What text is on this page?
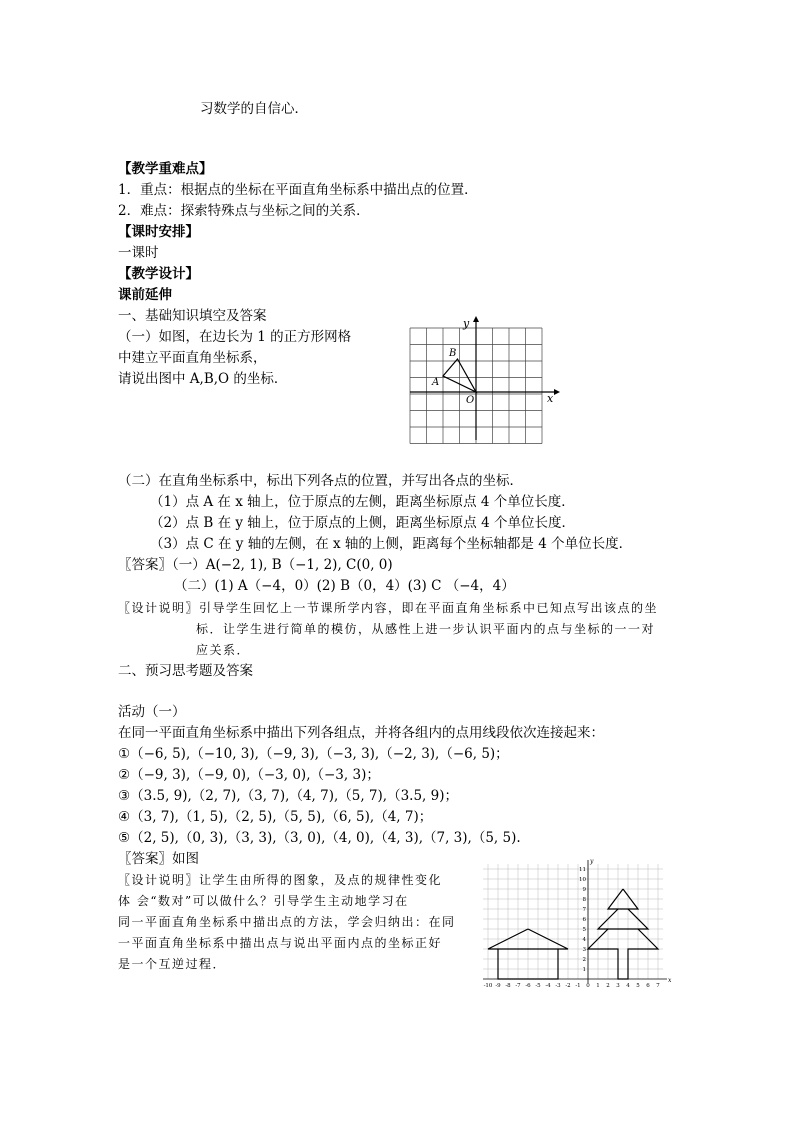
习数学的自信心．
【教学重难点】
1．重点：根据点的坐标在平面直角坐标系中描出点的位置．
2．难点：探索特殊点与坐标之间的关系．
【课时安排】
一课时
【教学设计】
课前延伸
一、基础知识填空及答案
（一）如图，在边长为 1 的正方形网格
中建立平面直角坐标系，
请说出图中 A,B,O 的坐标．
x
y
O
A
B
（二）在直角坐标系中，标出下列各点的位置，并写出各点的坐标．
（1）点 A 在 x 轴上，位于原点的左侧，距离坐标原点 4 个单位长度．
（2）点 B 在 y 轴上，位于原点的上侧，距离坐标原点 4 个单位长度．
（3）点 C 在 y 轴的左侧，在 x 轴的上侧，距离每个坐标轴都是 4 个单位长度．
〖答案〗（一）A(−2, 1), B（−1, 2), C(0, 0)
（二）(1) A（−4，0）(2) B（0，4）(3) C （−4，4）
〖设计说明〗引导学生回忆上一节课所学内容，即在平面直角坐标系中已知点写出该点的坐
标．让学生进行简单的模仿，从感性上进一步认识平面内的点与坐标的一一对
应关系．
二、预习思考题及答案
活动（一）
在同一平面直角坐标系中描出下列各组点，并将各组内的点用线段依次连接起来：
①（−6, 5),（−10, 3),（−9, 3),（−3, 3),（−2, 3),（−6, 5)；
②（−9, 3),（−9, 0),（−3, 0),（−3, 3)；
③（3.5, 9),（2, 7),（3, 7),（4, 7),（5, 7),（3.5, 9)；
④（3, 7),（1, 5),（2, 5),（5, 5),（6, 5),（4, 7)；
⑤（2, 5),（0, 3),（3, 3),（3, 0),（4, 0),（4, 3),（7, 3),（5, 5).
〖答案〗如图
〖设计说明〗让学生由所得的图象，及点的规律性变化
体 会“数对”可以做什么？引导学生主动地学习在
同一平面直角坐标系中描出点的方法，学会归纳出：在同
一平面直角坐标系中描出点与说出平面内点的坐标正好
是一个互逆过程．
-10 -9 -8 -7 -6 -5 -4 -3 -2 -1 0 1 2 3 4 5 6 7
1
2
3
4
5
6
7
8
9
10
11
x
y
